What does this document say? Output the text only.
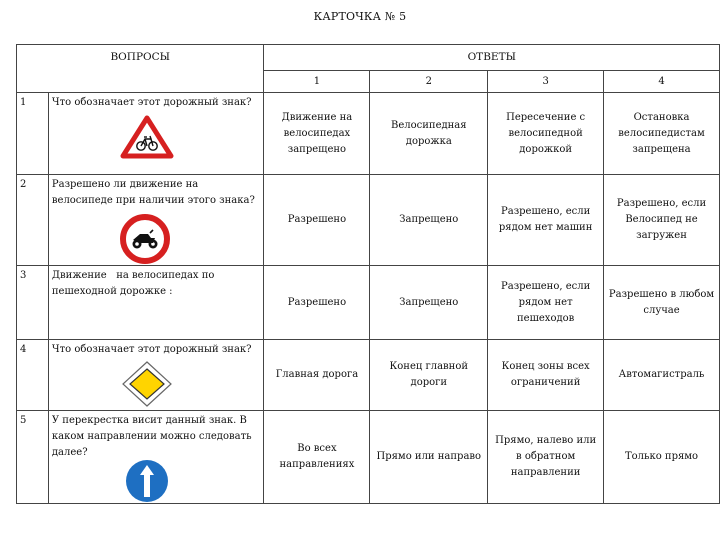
КАРТОЧКА № 5
ВОПРОСЫ		ОТВЕТЫ			
		1	2	3	4
1	Что обозначает этот дорожный знак?	Движение на велосипедах запрещено	Велосипедная дорожка	Пересечение с велосипедной дорожкой	Остановка велосипедистам запрещена

2	Разрешено ли движение на велосипеде при наличии этого знака?	Разрешено	Запрещено	Разрешено, если рядом нет машин	Разрешено, если Велосипед не загружен

3	Движение   на велосипедах по пешеходной дорожке :	Разрешено	Запрещено	Разрешено, если рядом нет пешеходов	Разрешено в любом случае

4	Что обозначает этот дорожный знак?	Главная дорога	Конец главной дороги	Конец зоны всех ограничений	Автомагистраль

5	У перекрестка висит данный знак. В каком направлении можно следовать далее?	Во всех направлениях	Прямо или направо	Прямо, налево или в обратном направлении	Только прямо
